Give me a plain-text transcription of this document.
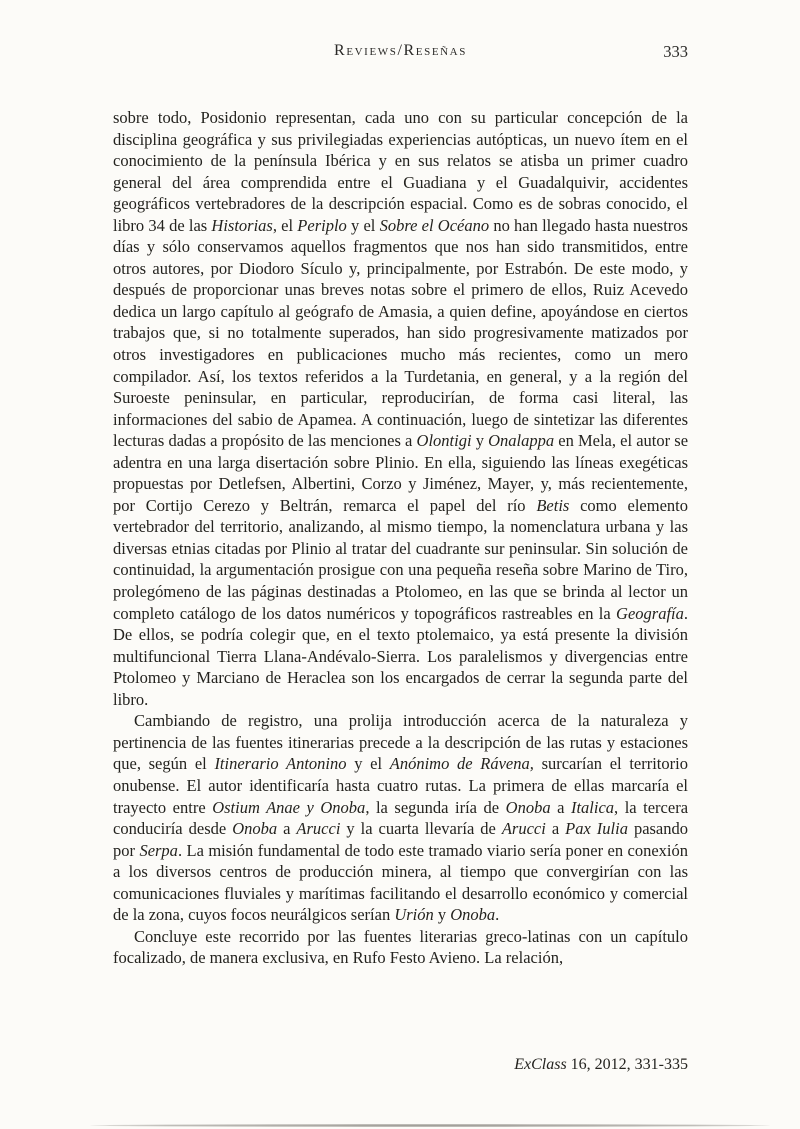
Reviews/Reseñas	333

sobre todo, Posidonio representan, cada uno con su particular concepción de la disciplina geográfica y sus privilegiadas experiencias autópticas, un nuevo ítem en el conocimiento de la península Ibérica y en sus relatos se atisba un primer cuadro general del área comprendida entre el Guadiana y el Guadalquivir, accidentes geográficos vertebradores de la descripción espacial. Como es de sobras conocido, el libro 34 de las Historias, el Periplo y el Sobre el Océano no han llegado hasta nuestros días y sólo conservamos aquellos fragmentos que nos han sido transmitidos, entre otros autores, por Diodoro Sículo y, principalmente, por Estrabón. De este modo, y después de proporcionar unas breves notas sobre el primero de ellos, Ruiz Acevedo dedica un largo capítulo al geógrafo de Amasia, a quien define, apoyándose en ciertos trabajos que, si no totalmente superados, han sido progresivamente matizados por otros investigadores en publicaciones mucho más recientes, como un mero compilador. Así, los textos referidos a la Turdetania, en general, y a la región del Suroeste peninsular, en particular, reproducirían, de forma casi literal, las informaciones del sabio de Apamea. A continuación, luego de sintetizar las diferentes lecturas dadas a propósito de las menciones a Olontigi y Onalappa en Mela, el autor se adentra en una larga disertación sobre Plinio. En ella, siguiendo las líneas exegéticas propuestas por Detlefsen, Albertini, Corzo y Jiménez, Mayer, y, más recientemente, por Cortijo Cerezo y Beltrán, remarca el papel del río Betis como elemento vertebrador del territorio, analizando, al mismo tiempo, la nomenclatura urbana y las diversas etnias citadas por Plinio al tratar del cuadrante sur peninsular. Sin solución de continuidad, la argumentación prosigue con una pequeña reseña sobre Marino de Tiro, prolegómeno de las páginas destinadas a Ptolomeo, en las que se brinda al lector un completo catálogo de los datos numéricos y topográficos rastreables en la Geografía. De ellos, se podría colegir que, en el texto ptolemaico, ya está presente la división multifuncional Tierra Llana-Andévalo-Sierra. Los paralelismos y divergencias entre Ptolomeo y Marciano de Heraclea son los encargados de cerrar la segunda parte del libro.

Cambiando de registro, una prolija introducción acerca de la naturaleza y pertinencia de las fuentes itinerarias precede a la descripción de las rutas y estaciones que, según el Itinerario Antonino y el Anónimo de Rávena, surcarían el territorio onubense. El autor identificaría hasta cuatro rutas. La primera de ellas marcaría el trayecto entre Ostium Anae y Onoba, la segunda iría de Onoba a Italica, la tercera conduciría desde Onoba a Arucci y la cuarta llevaría de Arucci a Pax Iulia pasando por Serpa. La misión fundamental de todo este tramado viario sería poner en conexión a los diversos centros de producción minera, al tiempo que convergirían con las comunicaciones fluviales y marítimas facilitando el desarrollo económico y comercial de la zona, cuyos focos neurálgicos serían Urión y Onoba.

Concluye este recorrido por las fuentes literarias greco-latinas con un capítulo focalizado, de manera exclusiva, en Rufo Festo Avieno. La relación,

ExClass 16, 2012, 331-335
